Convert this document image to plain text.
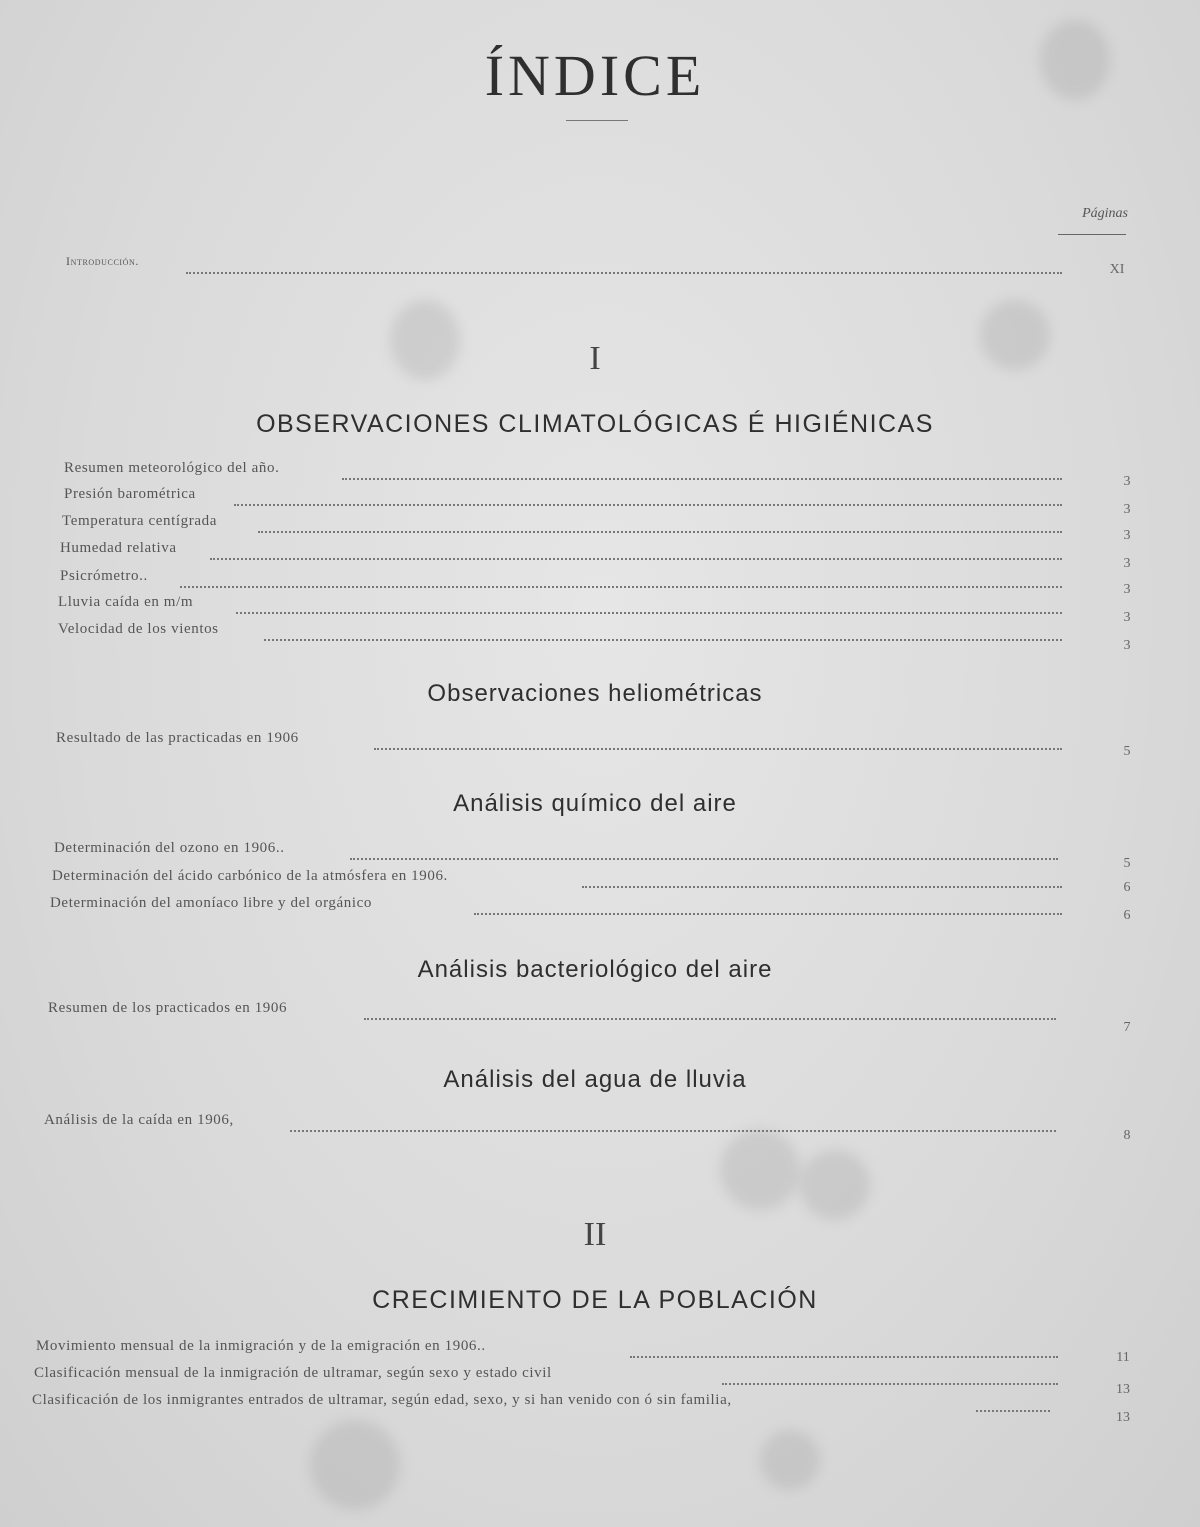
ÍNDICE
Páginas
Introducción.
XI
I
OBSERVACIONES CLIMATOLÓGICAS É HIGIÉNICAS
Resumen meteorológico del año.
3
Presión barométrica
3
Temperatura centígrada
3
Humedad relativa
3
Psicrómetro..
3
Lluvia caída en m/m
3
Velocidad de los vientos
3
Observaciones heliométricas
Resultado de las practicadas en 1906
5
Análisis químico del aire
Determinación del ozono en 1906..
5
Determinación del ácido carbónico de la atmósfera en 1906.
6
Determinación del amoníaco libre y del orgánico
6
Análisis bacteriológico del aire
Resumen de los practicados en 1906
7
Análisis del agua de lluvia
Análisis de la caída en 1906,
8
II
CRECIMIENTO DE LA POBLACIÓN
Movimiento mensual de la inmigración y de la emigración en 1906..
11
Clasificación mensual de la inmigración de ultramar, según sexo y estado civil
13
Clasificación de los inmigrantes entrados de ultramar, según edad, sexo, y si han venido con ó sin familia,
13
